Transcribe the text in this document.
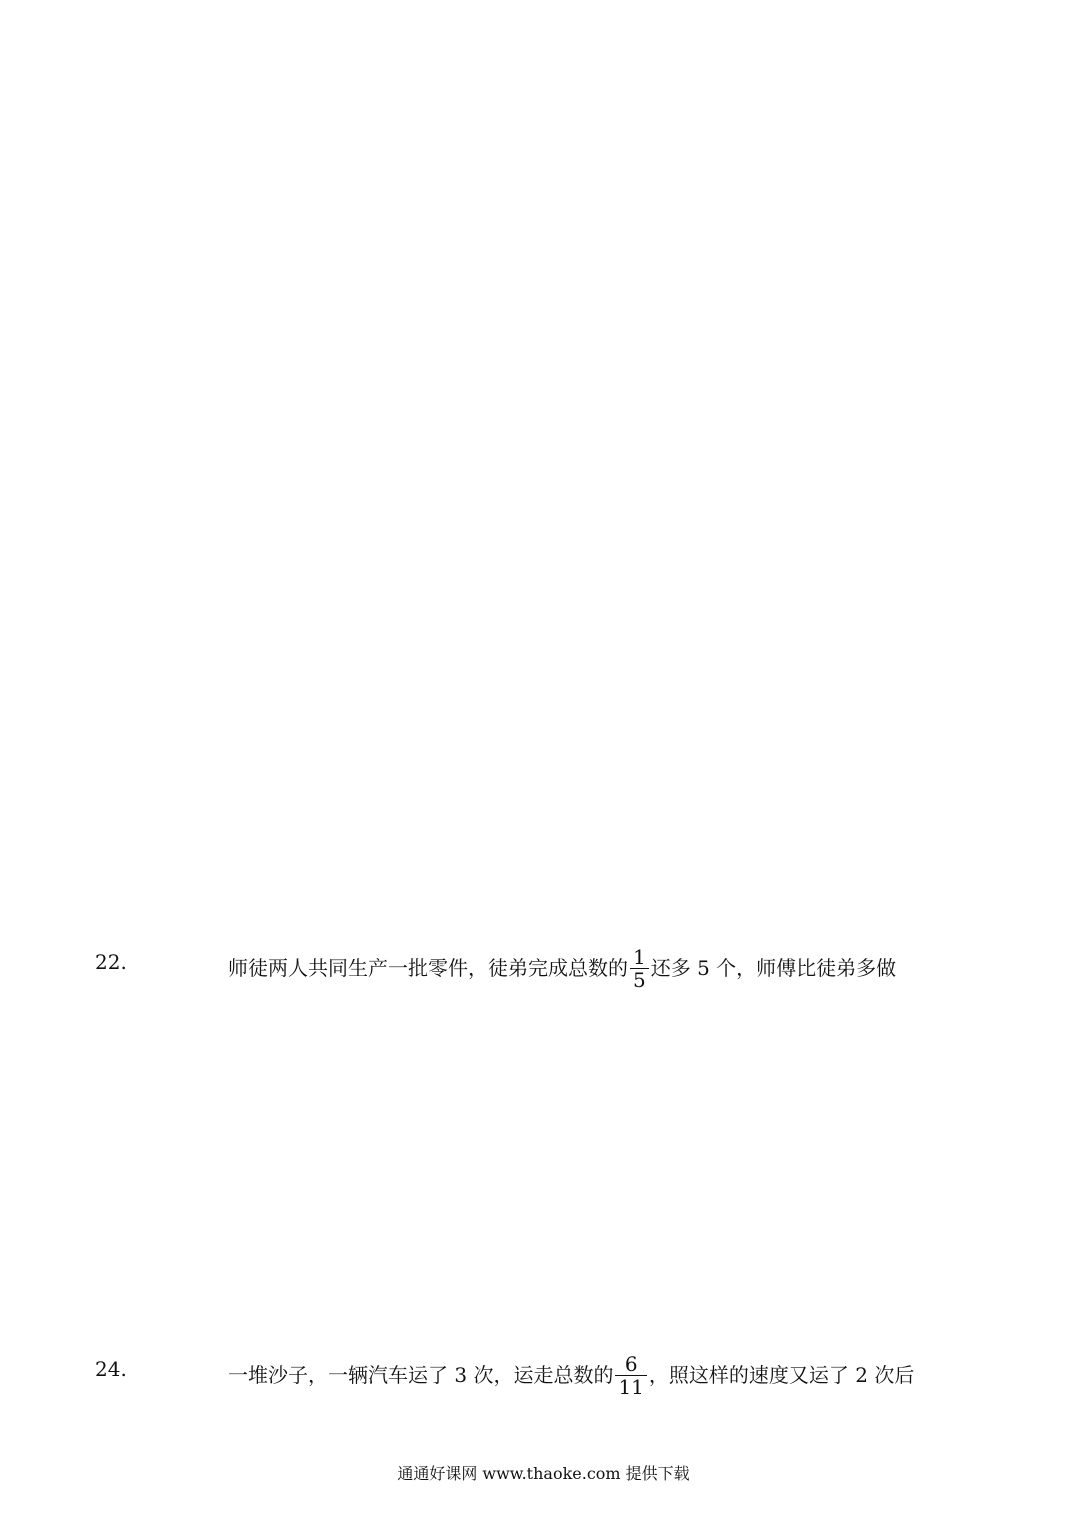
22.	师徒两人共同生产一批零件，徒弟完成总数的 $\frac{1}{5}$ 还多 5 个，师傅比徒弟多做
24.	一堆沙子，一辆汽车运了 3 次，运走总数的 $\frac{6}{11}$ ，照这样的速度又运了 2 次后
通通好课网 www.thaoke.com 提供下载
